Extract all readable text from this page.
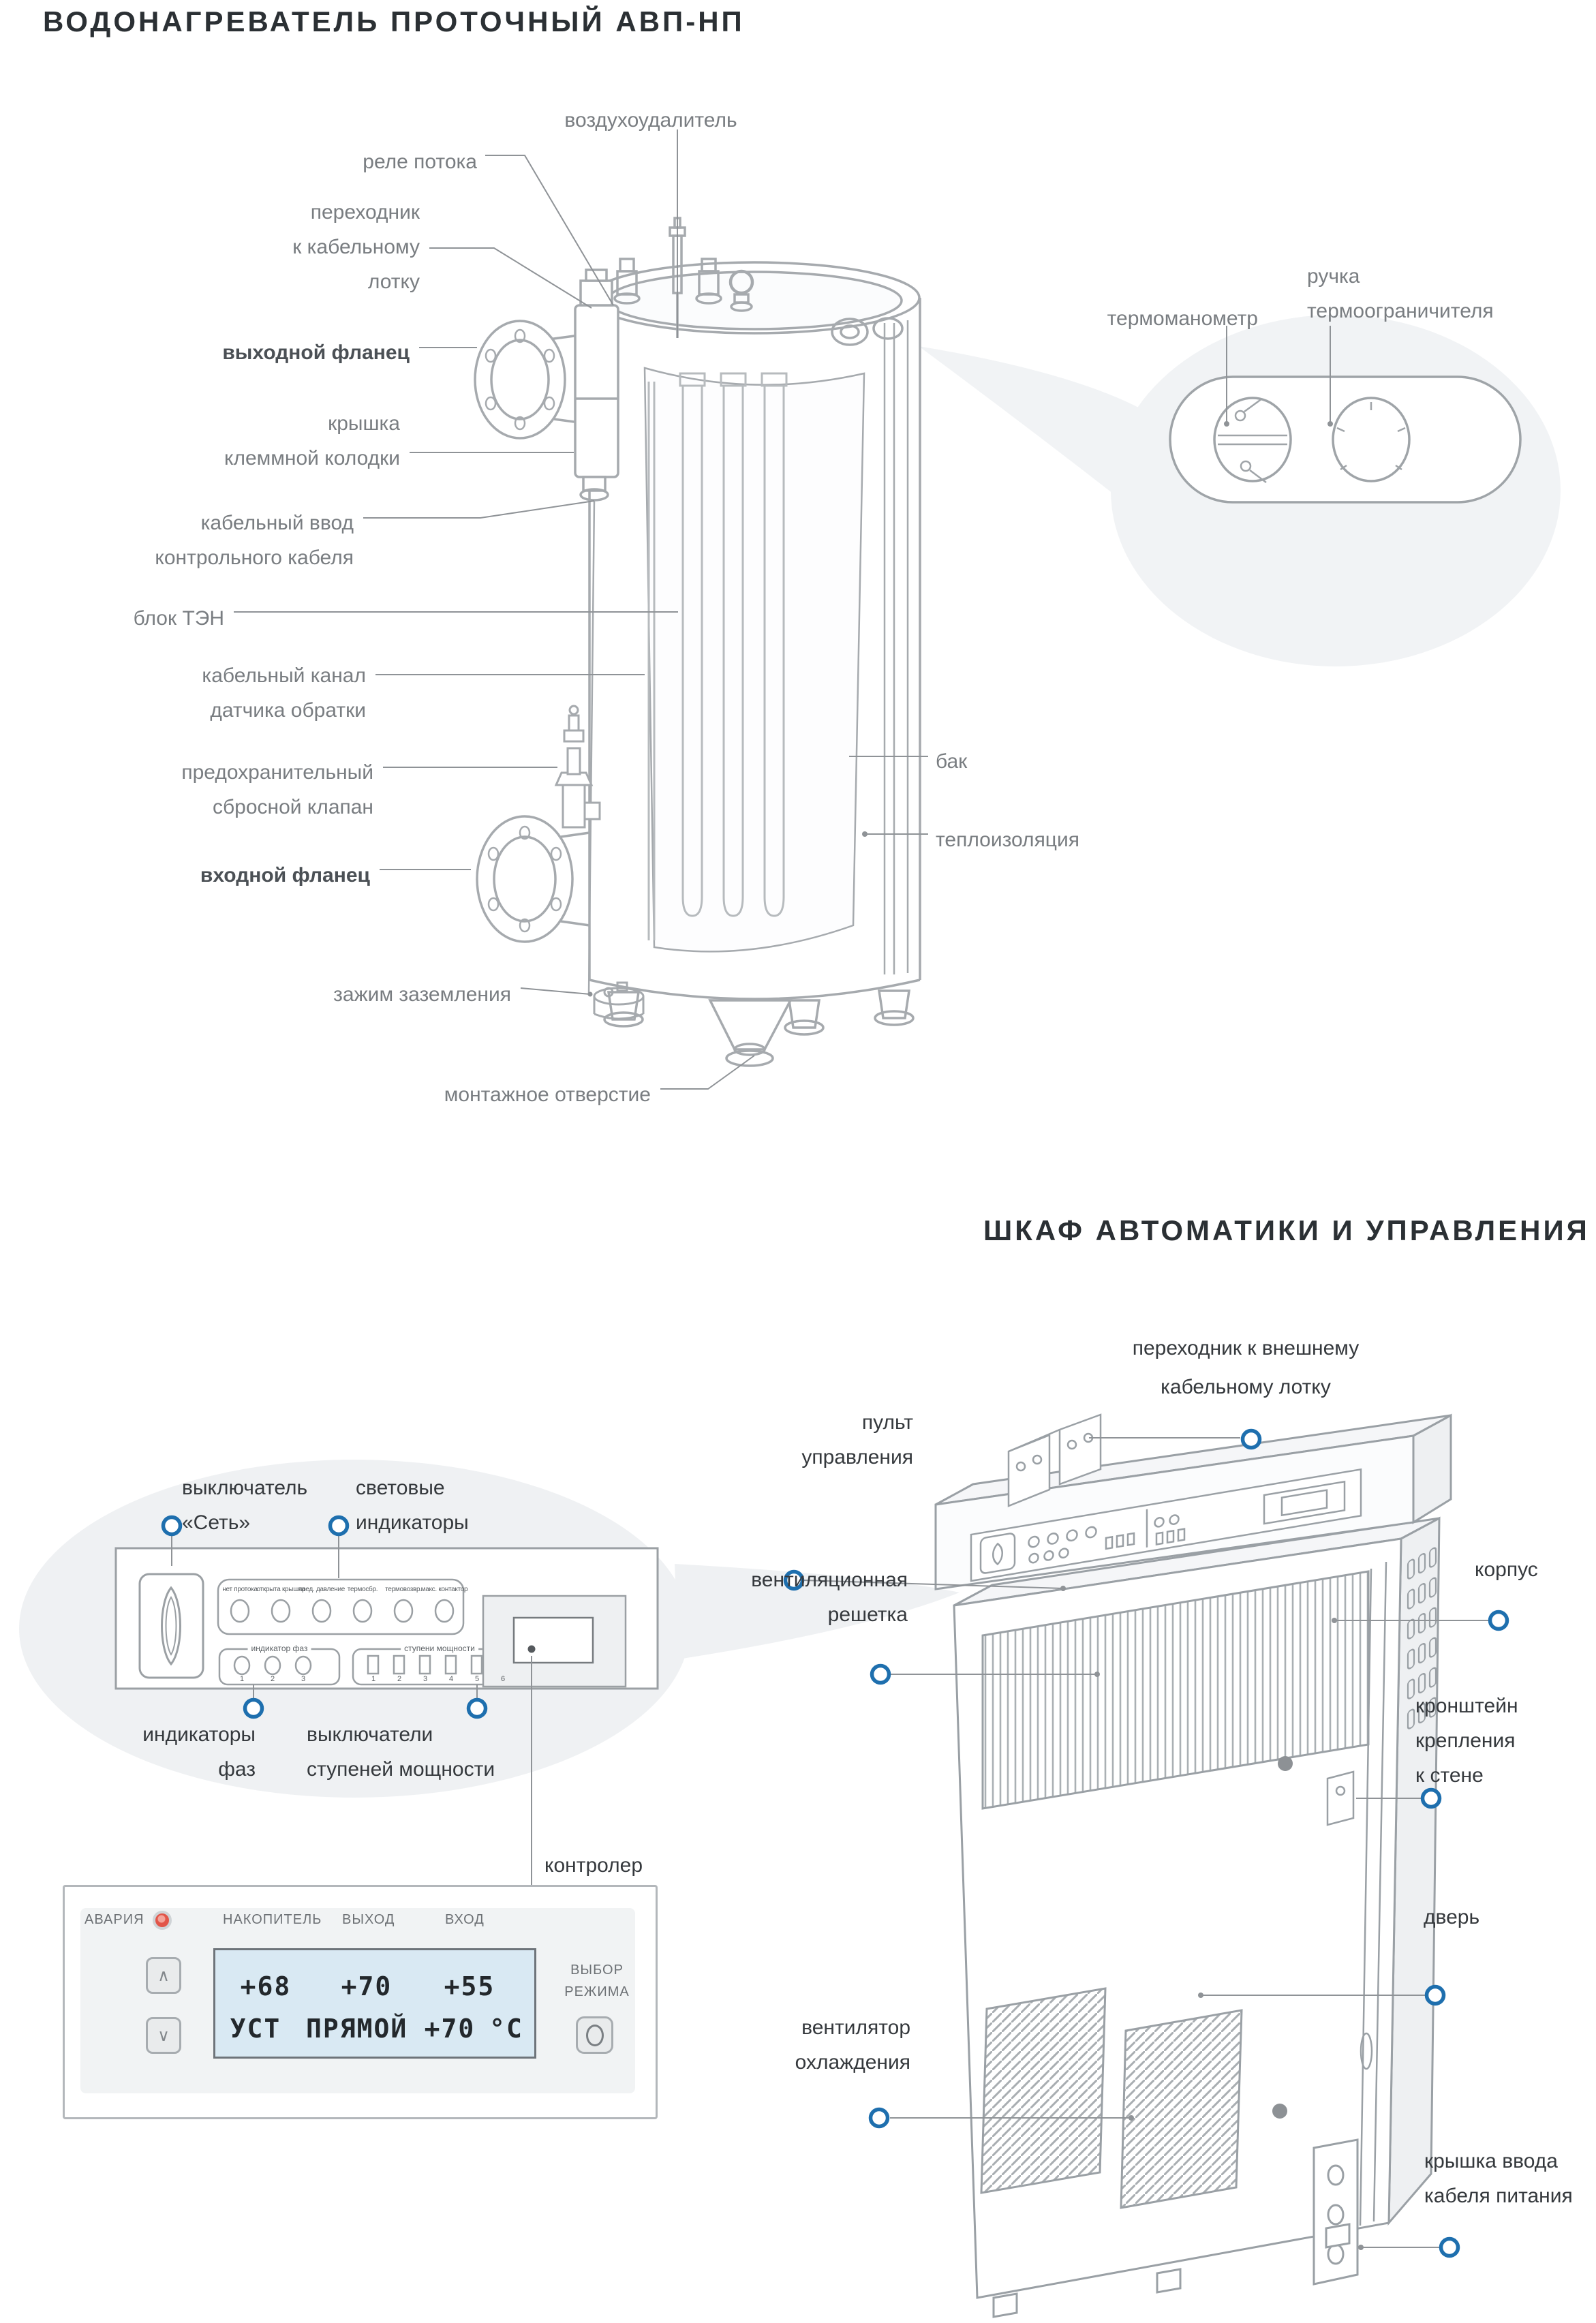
ВОДОНАГРЕВАТЕЛЬ ПРОТОЧНЫЙ АВП-НП
ШКАФ АВТОМАТИКИ И УПРАВЛЕНИЯ
воздухоудалитель
реле потока
переходник
к кабельному
лотку
выходной фланец
крышка
клеммной колодки
кабельный ввод
контрольного кабеля
блок ТЭН
кабельный канал
датчика обратки
предохранительный
сбросной клапан
входной фланец
бак
теплоизоляция
зажим заземления
монтажное отверстие
термоманометр
ручка
термоограничителя
переходник к внешнему
кабельному лотку
пульт
управления
корпус
вентиляционная
решетка
кронштейн
крепления
к стене
дверь
вентилятор
охлаждения
крышка ввода
кабеля питания
выключатель
«Сеть»
световые
индикаторы
индикаторы
фаз
выключатели
ступеней мощности
нет протока
открыта крышка
пред. давление термосбр.	термовозвр.
макс. контактор
индикатор фаз	ступени мощности
1	2	3	1	2	3	4	5	6
контролер
АВАРИЯ	НАКОПИТЕЛЬ ВЫХОД	ВХОД
∧
∨
+68	+70	+55
УСТ ПРЯМОЙ +70 °С
ВЫБОР
РЕЖИМА
